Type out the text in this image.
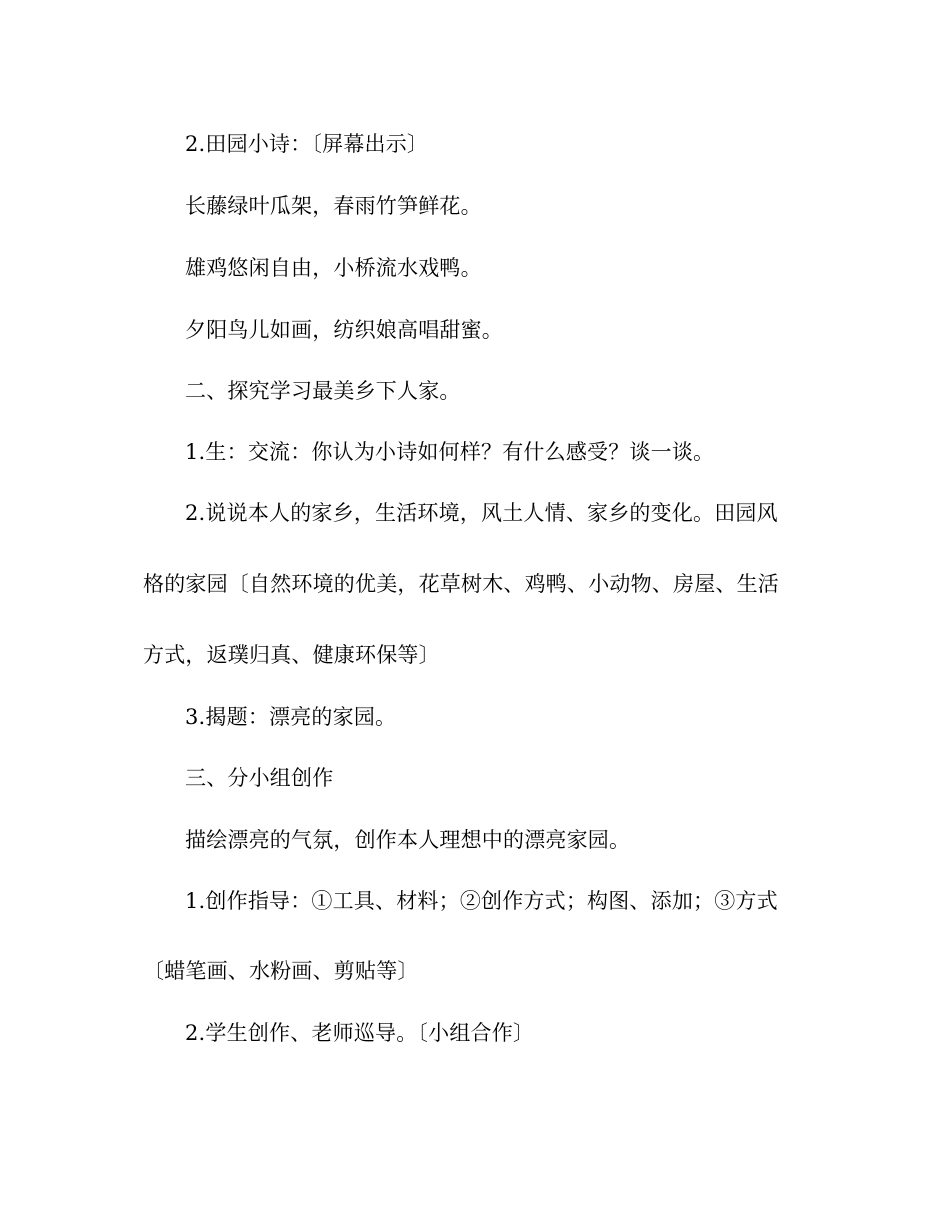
2.田园小诗：〔屏幕出示〕
长藤绿叶瓜架，春雨竹笋鲜花。
雄鸡悠闲自由，小桥流水戏鸭。
夕阳鸟儿如画，纺织娘高唱甜蜜。
二、探究学习最美乡下人家。
1.生：交流：你认为小诗如何样？有什么感受？谈一谈。
2.说说本人的家乡，生活环境，风土人情、家乡的变化。田园风
格的家园〔自然环境的优美，花草树木、鸡鸭、小动物、房屋、生活
方式，返璞归真、健康环保等〕
3.揭题：漂亮的家园。
三、分小组创作
描绘漂亮的气氛，创作本人理想中的漂亮家园。
1.创作指导：①工具、材料；②创作方式；构图、添加；③方式
〔蜡笔画、水粉画、剪贴等〕
2.学生创作、老师巡导。〔小组合作〕
